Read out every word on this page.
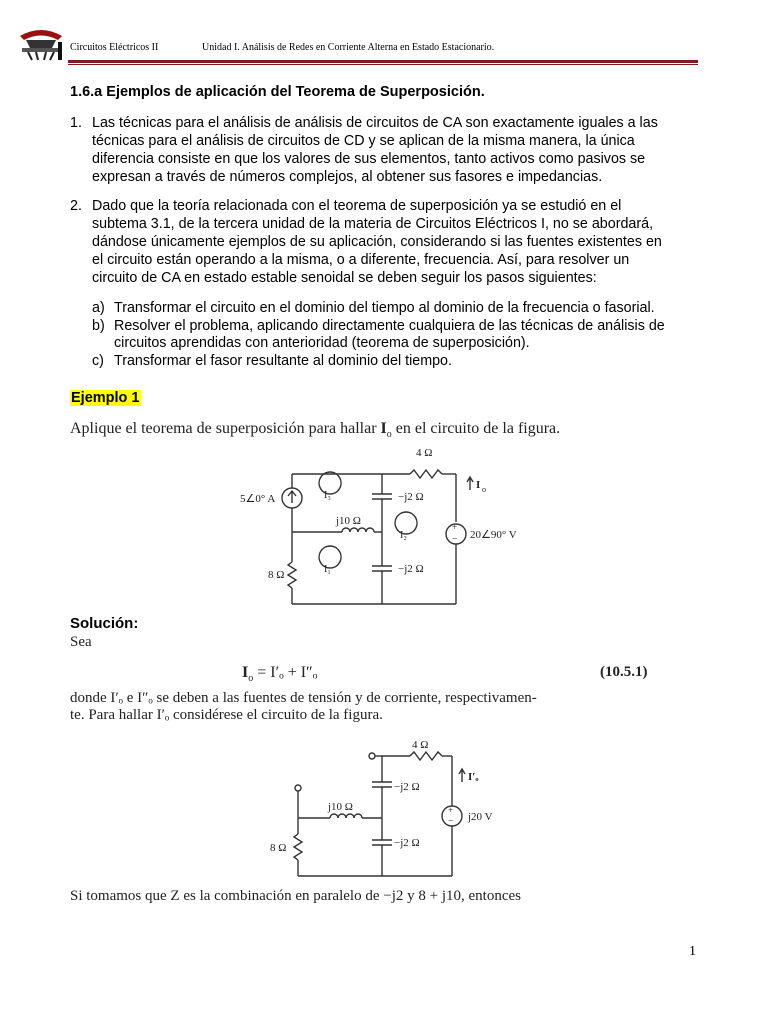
Circuitos Eléctricos II	Unidad I. Análisis de Redes en Corriente Alterna en Estado Estacionario.
1.6.a Ejemplos de aplicación del Teorema de Superposición.
1. Las técnicas para el análisis de análisis de circuitos de CA son exactamente iguales a las
técnicas para el análisis de circuitos de CD y se aplican de la misma manera, la única
diferencia consiste en que los valores de sus elementos, tanto activos como pasivos se
expresan a través de números complejos, al obtener sus fasores e impedancias.
2. Dado que la teoría relacionada con el teorema de superposición ya se estudió en el
subtema 3.1, de la tercera unidad de la materia de Circuitos Eléctricos I, no se abordará,
dándose únicamente ejemplos de su aplicación, considerando si las fuentes existentes en
el circuito están operando a la misma, o a diferente, frecuencia. Así, para resolver un
circuito de CA en estado estable senoidal se deben seguir los pasos siguientes:
a) Transformar el circuito en el dominio del tiempo al dominio de la frecuencia o fasorial.
b) Resolver el problema, aplicando directamente cualquiera de las técnicas de análisis de
circuitos aprendidas con anterioridad (teorema de superposición).
c) Transformar el fasor resultante al dominio del tiempo.
Ejemplo 1
Aplique el teorema de superposición para hallar $I_o$ en el circuito de la figura.
+
−
4 Ω
−j2 Ω
−j2 Ω
j10 Ω
8 Ω
5∠0° A
20∠90° V
I o
I₃
I₂
I₁
Solución:
Sea
$I_o = I'_o + I''_o$	(10.5.1)
donde I′ₒ e I″ₒ se deben a las fuentes de tensión y de corriente, respectivamen-
te. Para hallar I′ₒ considérese el circuito de la figura.
+
−
4 Ω
−j2 Ω
−j2 Ω
j10 Ω
8 Ω
j20 V
I′ₒ
Si tomamos que Z es la combinación en paralelo de −j2 y 8 + j10, entonces
1
